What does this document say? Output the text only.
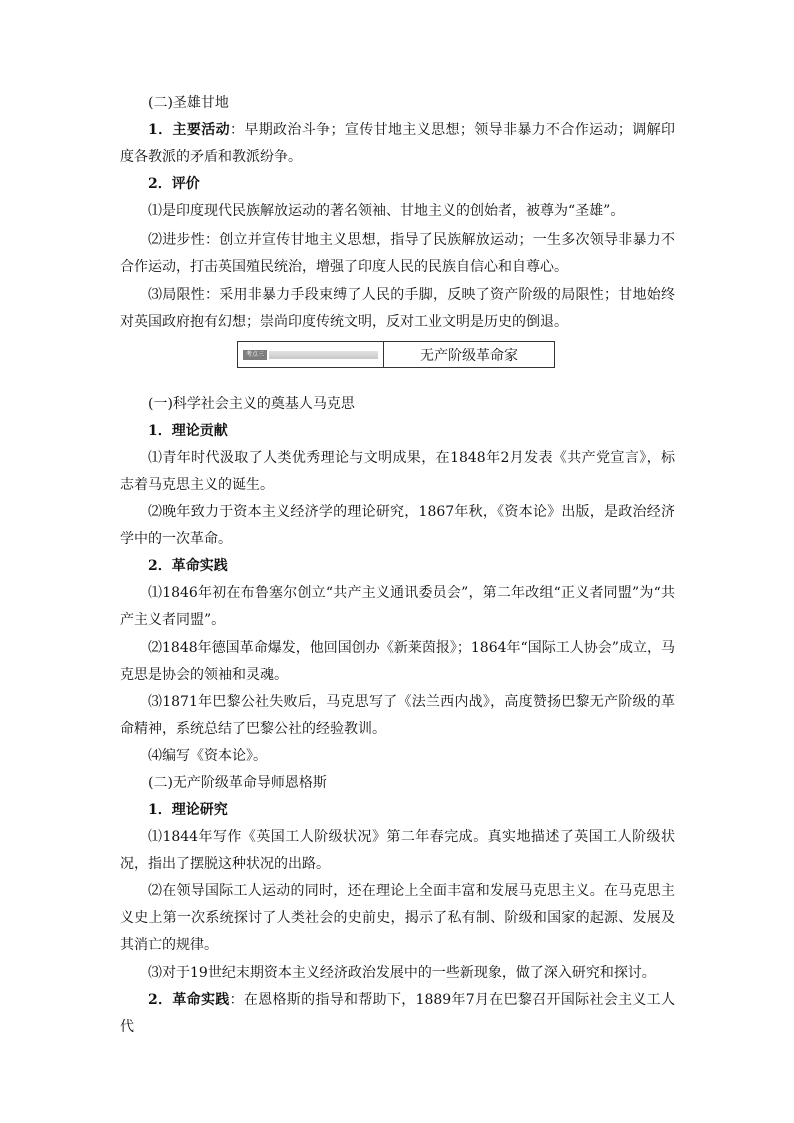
(二)圣雄甘地

1．主要活动：早期政治斗争；宣传甘地主义思想；领导非暴力不合作运动；调解印度各教派的矛盾和教派纷争。

2．评价

⑴是印度现代民族解放运动的著名领袖、甘地主义的创始者，被尊为“圣雄”。

⑵进步性：创立并宣传甘地主义思想，指导了民族解放运动；一生多次领导非暴力不合作运动，打击英国殖民统治，增强了印度人民的民族自信心和自尊心。

⑶局限性：采用非暴力手段束缚了人民的手脚，反映了资产阶级的局限性；甘地始终对英国政府抱有幻想；崇尚印度传统文明，反对工业文明是历史的倒退。

考点三	无产阶级革命家

(一)科学社会主义的奠基人马克思

1．理论贡献

⑴青年时代汲取了人类优秀理论与文明成果，在1848年2月发表《共产党宣言》，标志着马克思主义的诞生。

⑵晚年致力于资本主义经济学的理论研究，1867年秋，《资本论》出版，是政治经济学中的一次革命。

2．革命实践

⑴1846年初在布鲁塞尔创立“共产主义通讯委员会”，第二年改组“正义者同盟”为“共产主义者同盟”。

⑵1848年德国革命爆发，他回国创办《新莱茵报》；1864年“国际工人协会”成立，马克思是协会的领袖和灵魂。

⑶1871年巴黎公社失败后，马克思写了《法兰西内战》，高度赞扬巴黎无产阶级的革命精神，系统总结了巴黎公社的经验教训。

⑷编写《资本论》。

(二)无产阶级革命导师恩格斯

1．理论研究

⑴1844年写作《英国工人阶级状况》第二年春完成。真实地描述了英国工人阶级状况，指出了摆脱这种状况的出路。

⑵在领导国际工人运动的同时，还在理论上全面丰富和发展马克思主义。在马克思主义史上第一次系统探讨了人类社会的史前史，揭示了私有制、阶级和国家的起源、发展及其消亡的规律。

⑶对于19世纪末期资本主义经济政治发展中的一些新现象，做了深入研究和探讨。

2．革命实践：在恩格斯的指导和帮助下，1889年7月在巴黎召开国际社会主义工人代
